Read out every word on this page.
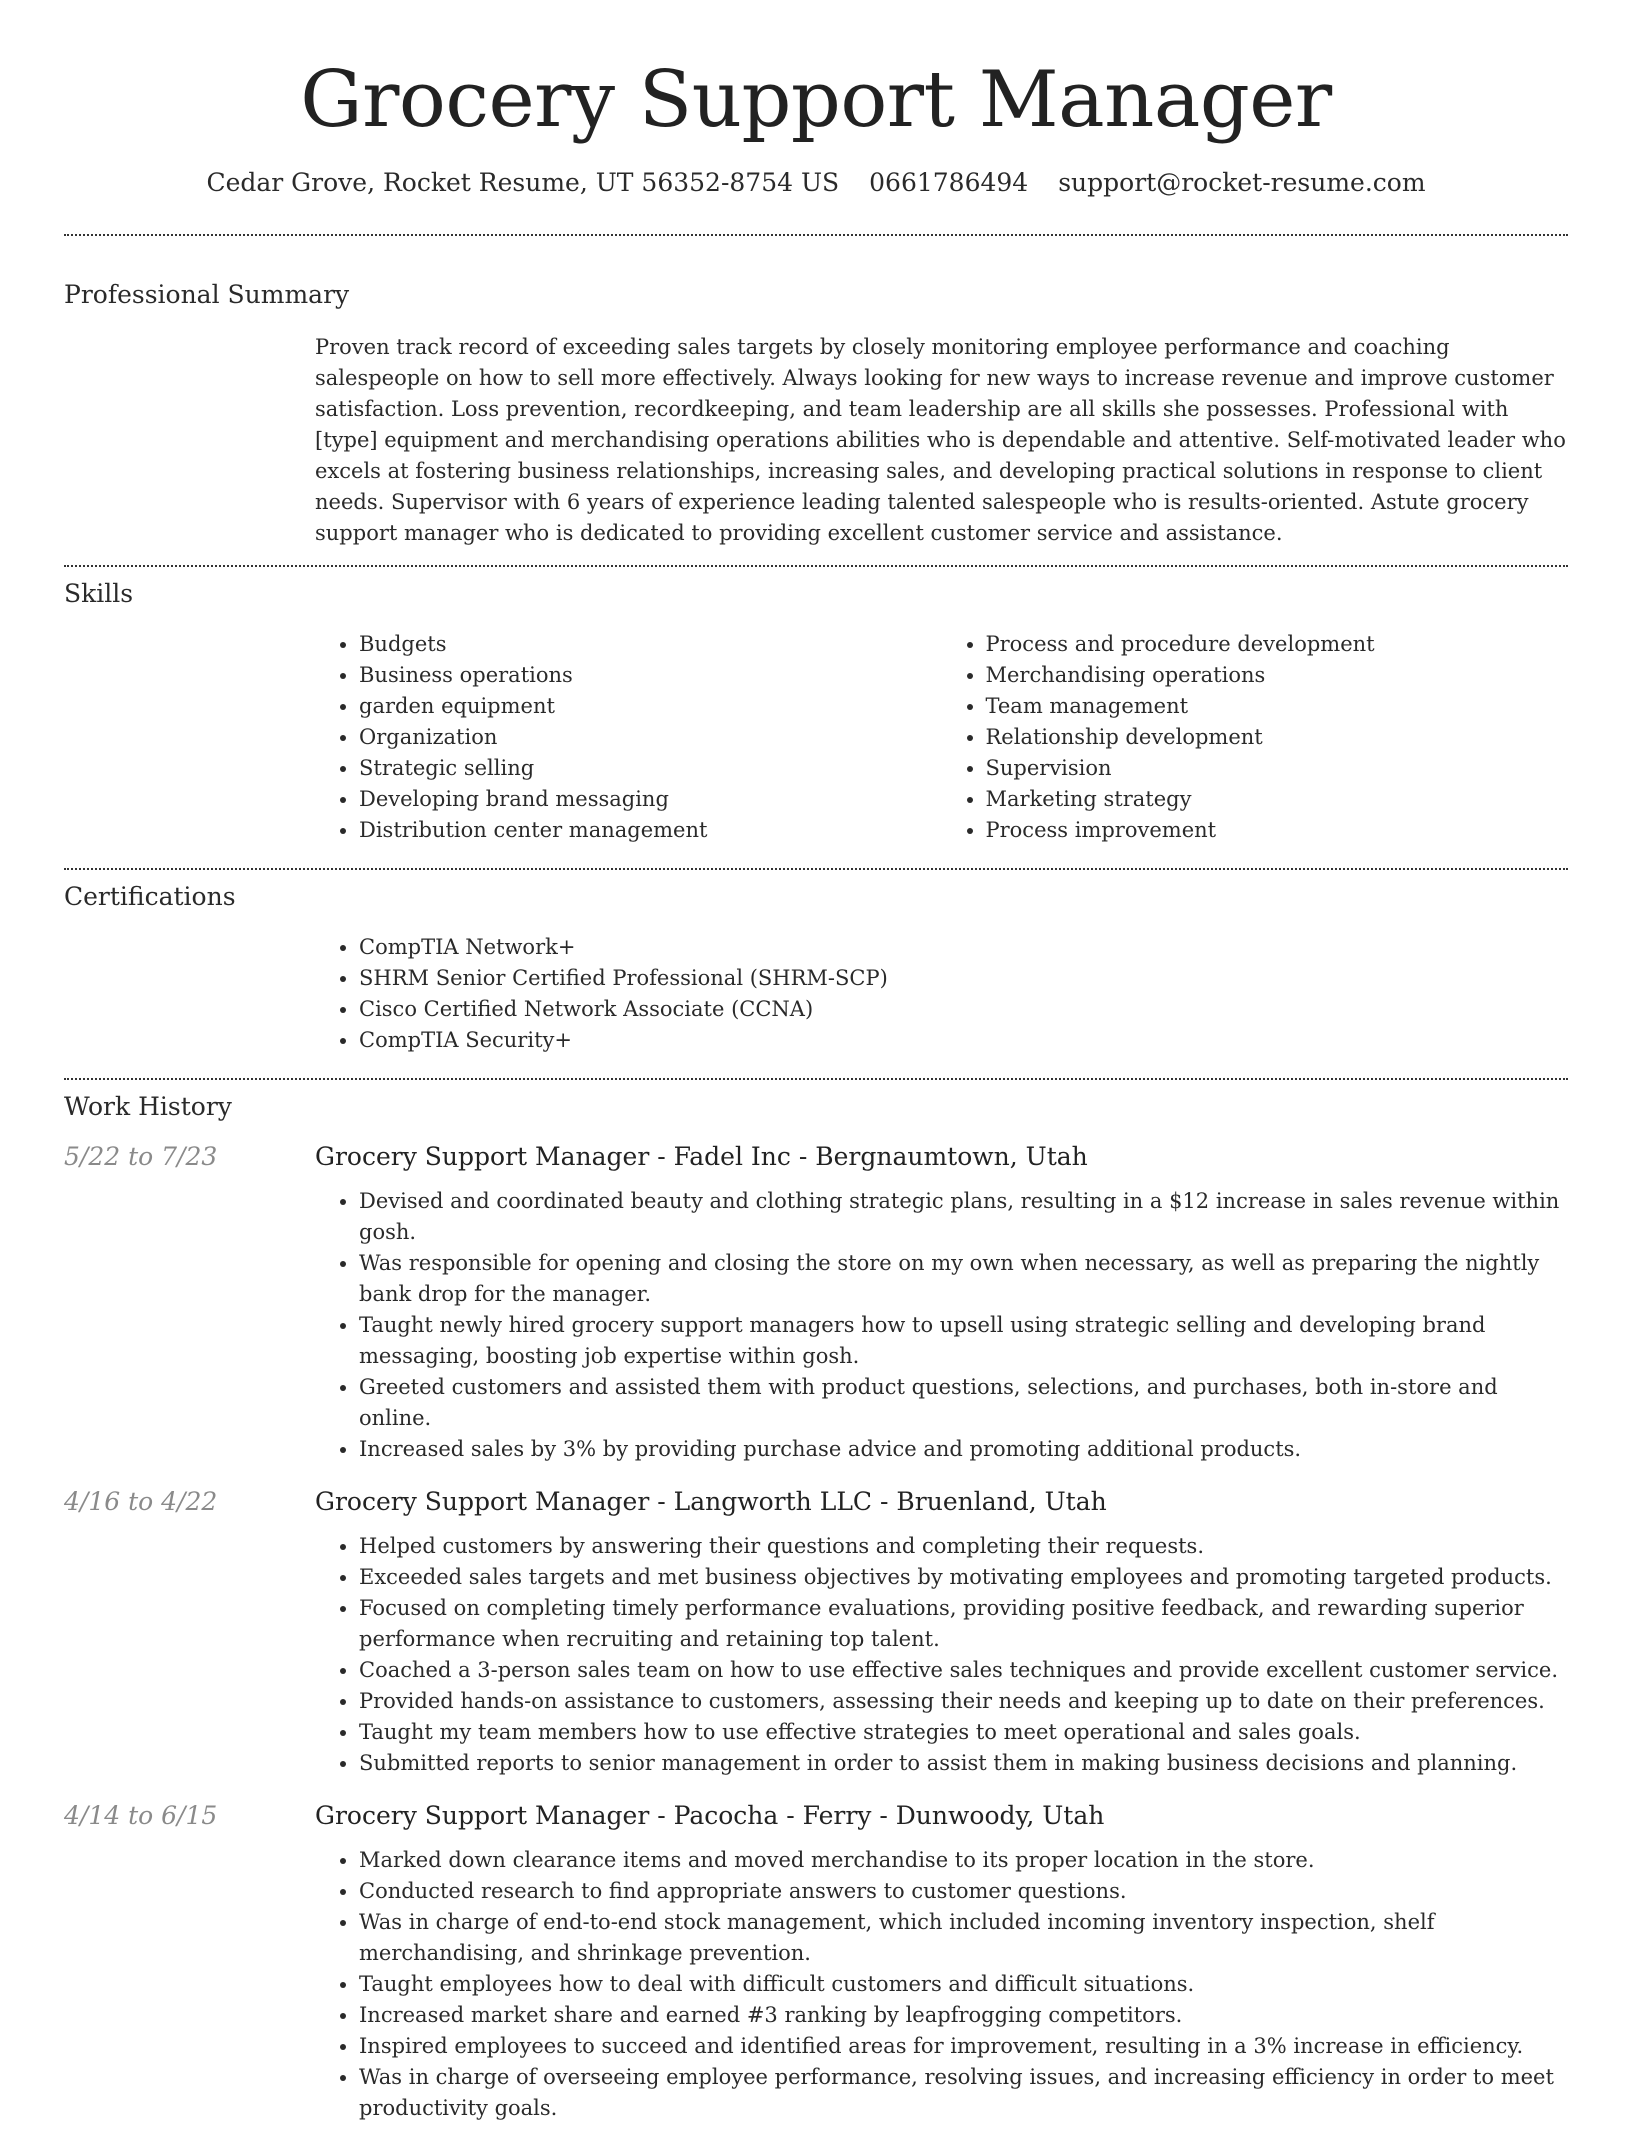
Grocery Support Manager
Cedar Grove, Rocket Resume, UT 56352-8754 US 0661786494 support@rocket-resume.com
Professional Summary
Proven track record of exceeding sales targets by closely monitoring employee performance and coaching salespeople on how to sell more effectively. Always looking for new ways to increase revenue and improve customer satisfaction. Loss prevention, recordkeeping, and team leadership are all skills she possesses. Professional with [type] equipment and merchandising operations abilities who is dependable and attentive. Self-motivated leader who excels at fostering business relationships, increasing sales, and developing practical solutions in response to client needs. Supervisor with 6 years of experience leading talented salespeople who is results-oriented. Astute grocery support manager who is dedicated to providing excellent customer service and assistance.
Skills
• Budgets
• Business operations
• garden equipment
• Organization
• Strategic selling
• Developing brand messaging
• Distribution center management
• Process and procedure development
• Merchandising operations
• Team management
• Relationship development
• Supervision
• Marketing strategy
• Process improvement
Certifications
• CompTIA Network+
• SHRM Senior Certified Professional (SHRM-SCP)
• Cisco Certified Network Associate (CCNA)
• CompTIA Security+
Work History
5/22 to 7/23	Grocery Support Manager - Fadel Inc - Bergnaumtown, Utah
• Devised and coordinated beauty and clothing strategic plans, resulting in a $12 increase in sales revenue within gosh.
• Was responsible for opening and closing the store on my own when necessary, as well as preparing the nightly bank drop for the manager.
• Taught newly hired grocery support managers how to upsell using strategic selling and developing brand messaging, boosting job expertise within gosh.
• Greeted customers and assisted them with product questions, selections, and purchases, both in-store and online.
• Increased sales by 3% by providing purchase advice and promoting additional products.
4/16 to 4/22	Grocery Support Manager - Langworth LLC - Bruenland, Utah
• Helped customers by answering their questions and completing their requests.
• Exceeded sales targets and met business objectives by motivating employees and promoting targeted products.
• Focused on completing timely performance evaluations, providing positive feedback, and rewarding superior performance when recruiting and retaining top talent.
• Coached a 3-person sales team on how to use effective sales techniques and provide excellent customer service.
• Provided hands-on assistance to customers, assessing their needs and keeping up to date on their preferences.
• Taught my team members how to use effective strategies to meet operational and sales goals.
• Submitted reports to senior management in order to assist them in making business decisions and planning.
4/14 to 6/15	Grocery Support Manager - Pacocha - Ferry - Dunwoody, Utah
• Marked down clearance items and moved merchandise to its proper location in the store.
• Conducted research to find appropriate answers to customer questions.
• Was in charge of end-to-end stock management, which included incoming inventory inspection, shelf merchandising, and shrinkage prevention.
• Taught employees how to deal with difficult customers and difficult situations.
• Increased market share and earned #3 ranking by leapfrogging competitors.
• Inspired employees to succeed and identified areas for improvement, resulting in a 3% increase in efficiency.
• Was in charge of overseeing employee performance, resolving issues, and increasing efficiency in order to meet productivity goals.
